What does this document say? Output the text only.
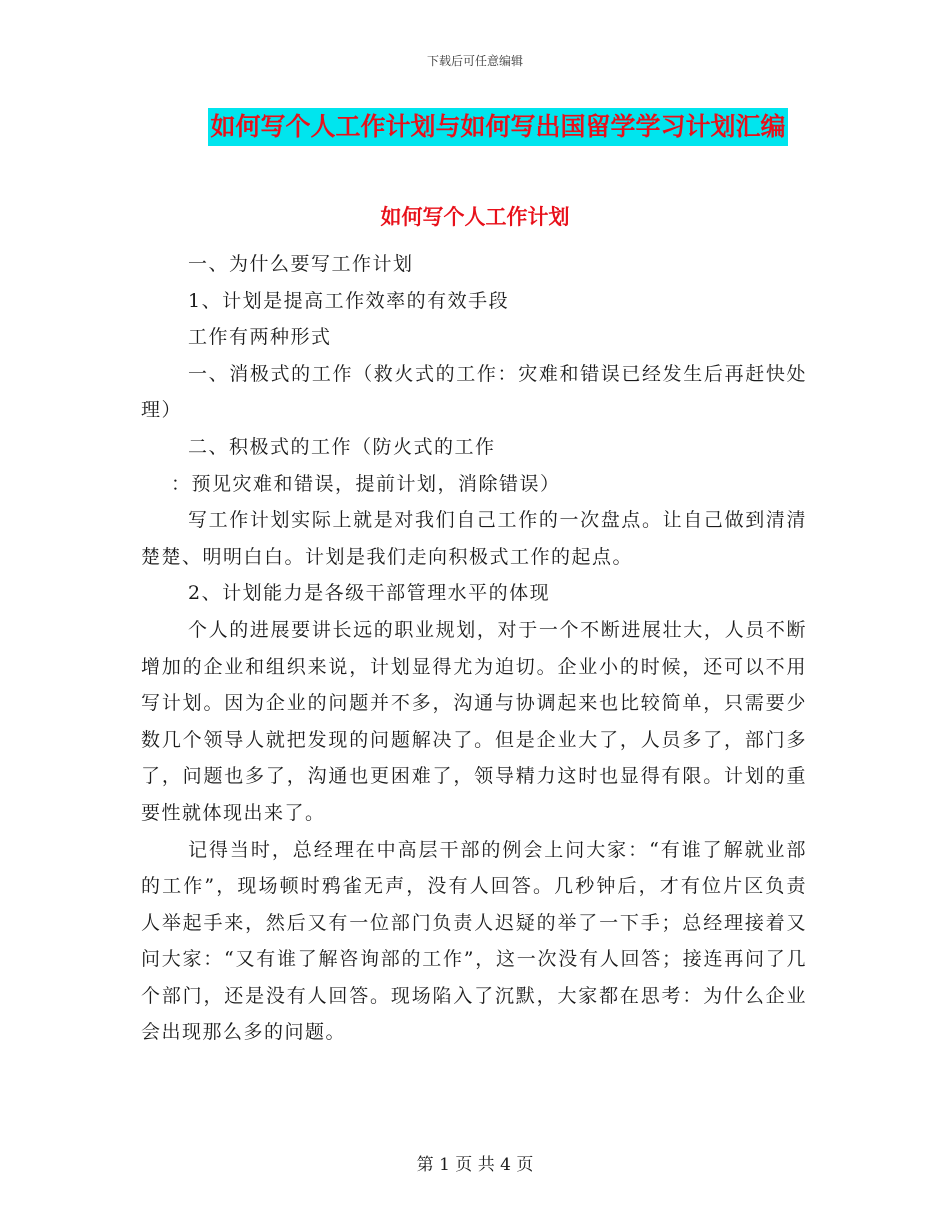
下载后可任意编辑
如何写个人工作计划与如何写出国留学学习计划汇编
如何写个人工作计划

一、为什么要写工作计划

1、计划是提高工作效率的有效手段

工作有两种形式

一、消极式的工作（救火式的工作：灾难和错误已经发生后再赶快处理）

二、积极式的工作（防火式的工作

：预见灾难和错误，提前计划，消除错误）

写工作计划实际上就是对我们自己工作的一次盘点。让自己做到清清楚楚、明明白白。计划是我们走向积极式工作的起点。

2、计划能力是各级干部管理水平的体现

个人的进展要讲长远的职业规划，对于一个不断进展壮大，人员不断增加的企业和组织来说，计划显得尤为迫切。企业小的时候，还可以不用写计划。因为企业的问题并不多，沟通与协调起来也比较简单，只需要少数几个领导人就把发现的问题解决了。但是企业大了，人员多了，部门多了，问题也多了，沟通也更困难了，领导精力这时也显得有限。计划的重要性就体现出来了。

记得当时，总经理在中高层干部的例会上问大家：“有谁了解就业部的工作”，现场顿时鸦雀无声，没有人回答。几秒钟后，才有位片区负责人举起手来，然后又有一位部门负责人迟疑的举了一下手；总经理接着又问大家：“又有谁了解咨询部的工作”，这一次没有人回答；接连再问了几个部门，还是没有人回答。现场陷入了沉默，大家都在思考：为什么企业会出现那么多的问题。

第 1 页 共 4 页
